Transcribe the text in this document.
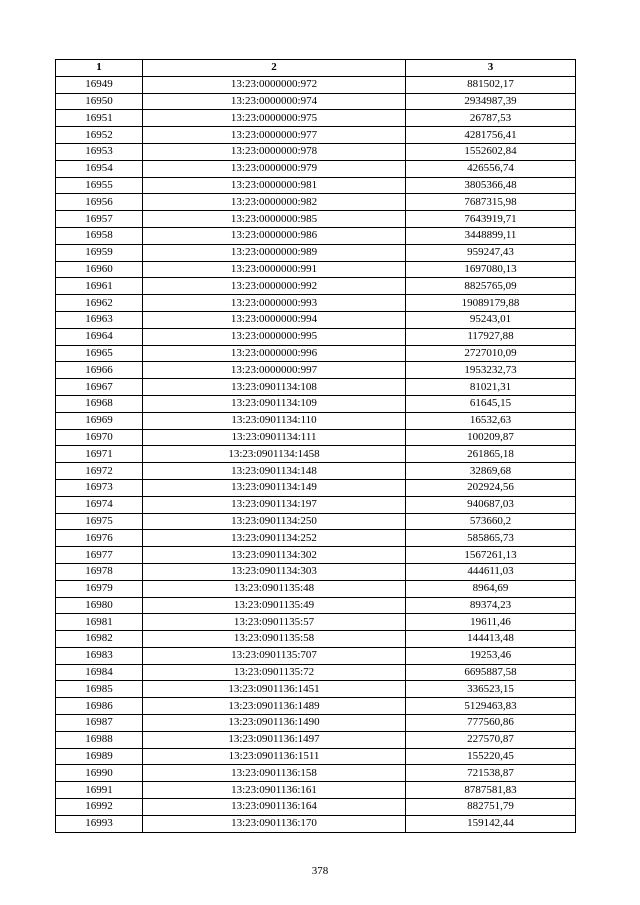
1	2	3
16949	13:23:0000000:972	881502,17
16950	13:23:0000000:974	2934987,39
16951	13:23:0000000:975	26787,53
16952	13:23:0000000:977	4281756,41
16953	13:23:0000000:978	1552602,84
16954	13:23:0000000:979	426556,74
16955	13:23:0000000:981	3805366,48
16956	13:23:0000000:982	7687315,98
16957	13:23:0000000:985	7643919,71
16958	13:23:0000000:986	3448899,11
16959	13:23:0000000:989	959247,43
16960	13:23:0000000:991	1697080,13
16961	13:23:0000000:992	8825765,09
16962	13:23:0000000:993	19089179,88
16963	13:23:0000000:994	95243,01
16964	13:23:0000000:995	117927,88
16965	13:23:0000000:996	2727010,09
16966	13:23:0000000:997	1953232,73
16967	13:23:0901134:108	81021,31
16968	13:23:0901134:109	61645,15
16969	13:23:0901134:110	16532,63
16970	13:23:0901134:111	100209,87
16971	13:23:0901134:1458	261865,18
16972	13:23:0901134:148	32869,68
16973	13:23:0901134:149	202924,56
16974	13:23:0901134:197	940687,03
16975	13:23:0901134:250	573660,2
16976	13:23:0901134:252	585865,73
16977	13:23:0901134:302	1567261,13
16978	13:23:0901134:303	444611,03
16979	13:23:0901135:48	8964,69
16980	13:23:0901135:49	89374,23
16981	13:23:0901135:57	19611,46
16982	13:23:0901135:58	144413,48
16983	13:23:0901135:707	19253,46
16984	13:23:0901135:72	6695887,58
16985	13:23:0901136:1451	336523,15
16986	13:23:0901136:1489	5129463,83
16987	13:23:0901136:1490	777560,86
16988	13:23:0901136:1497	227570,87
16989	13:23:0901136:1511	155220,45
16990	13:23:0901136:158	721538,87
16991	13:23:0901136:161	8787581,83
16992	13:23:0901136:164	882751,79
16993	13:23:0901136:170	159142,44
378
